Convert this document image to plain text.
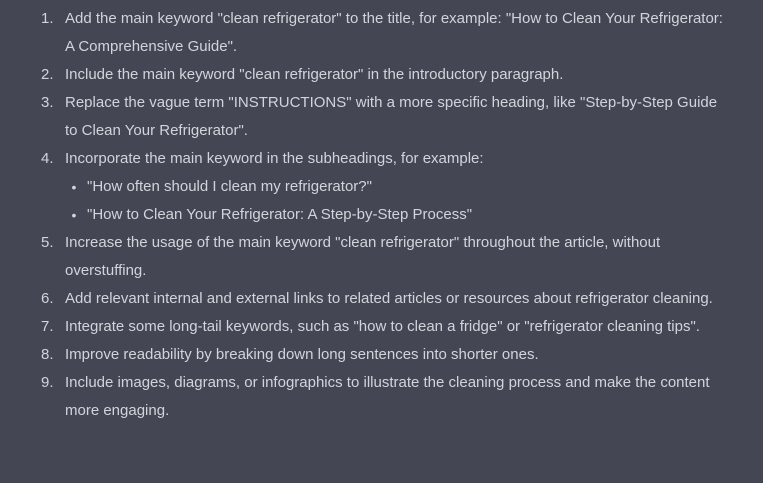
1. Add the main keyword "clean refrigerator" to the title, for example: "How to Clean Your Refrigerator: A Comprehensive Guide".
2. Include the main keyword "clean refrigerator" in the introductory paragraph.
3. Replace the vague term "INSTRUCTIONS" with a more specific heading, like "Step-by-Step Guide to Clean Your Refrigerator".
4. Incorporate the main keyword in the subheadings, for example:
• "How often should I clean my refrigerator?"
• "How to Clean Your Refrigerator: A Step-by-Step Process"
5. Increase the usage of the main keyword "clean refrigerator" throughout the article, without overstuffing.
6. Add relevant internal and external links to related articles or resources about refrigerator cleaning.
7. Integrate some long-tail keywords, such as "how to clean a fridge" or "refrigerator cleaning tips".
8. Improve readability by breaking down long sentences into shorter ones.
9. Include images, diagrams, or infographics to illustrate the cleaning process and make the content more engaging.
